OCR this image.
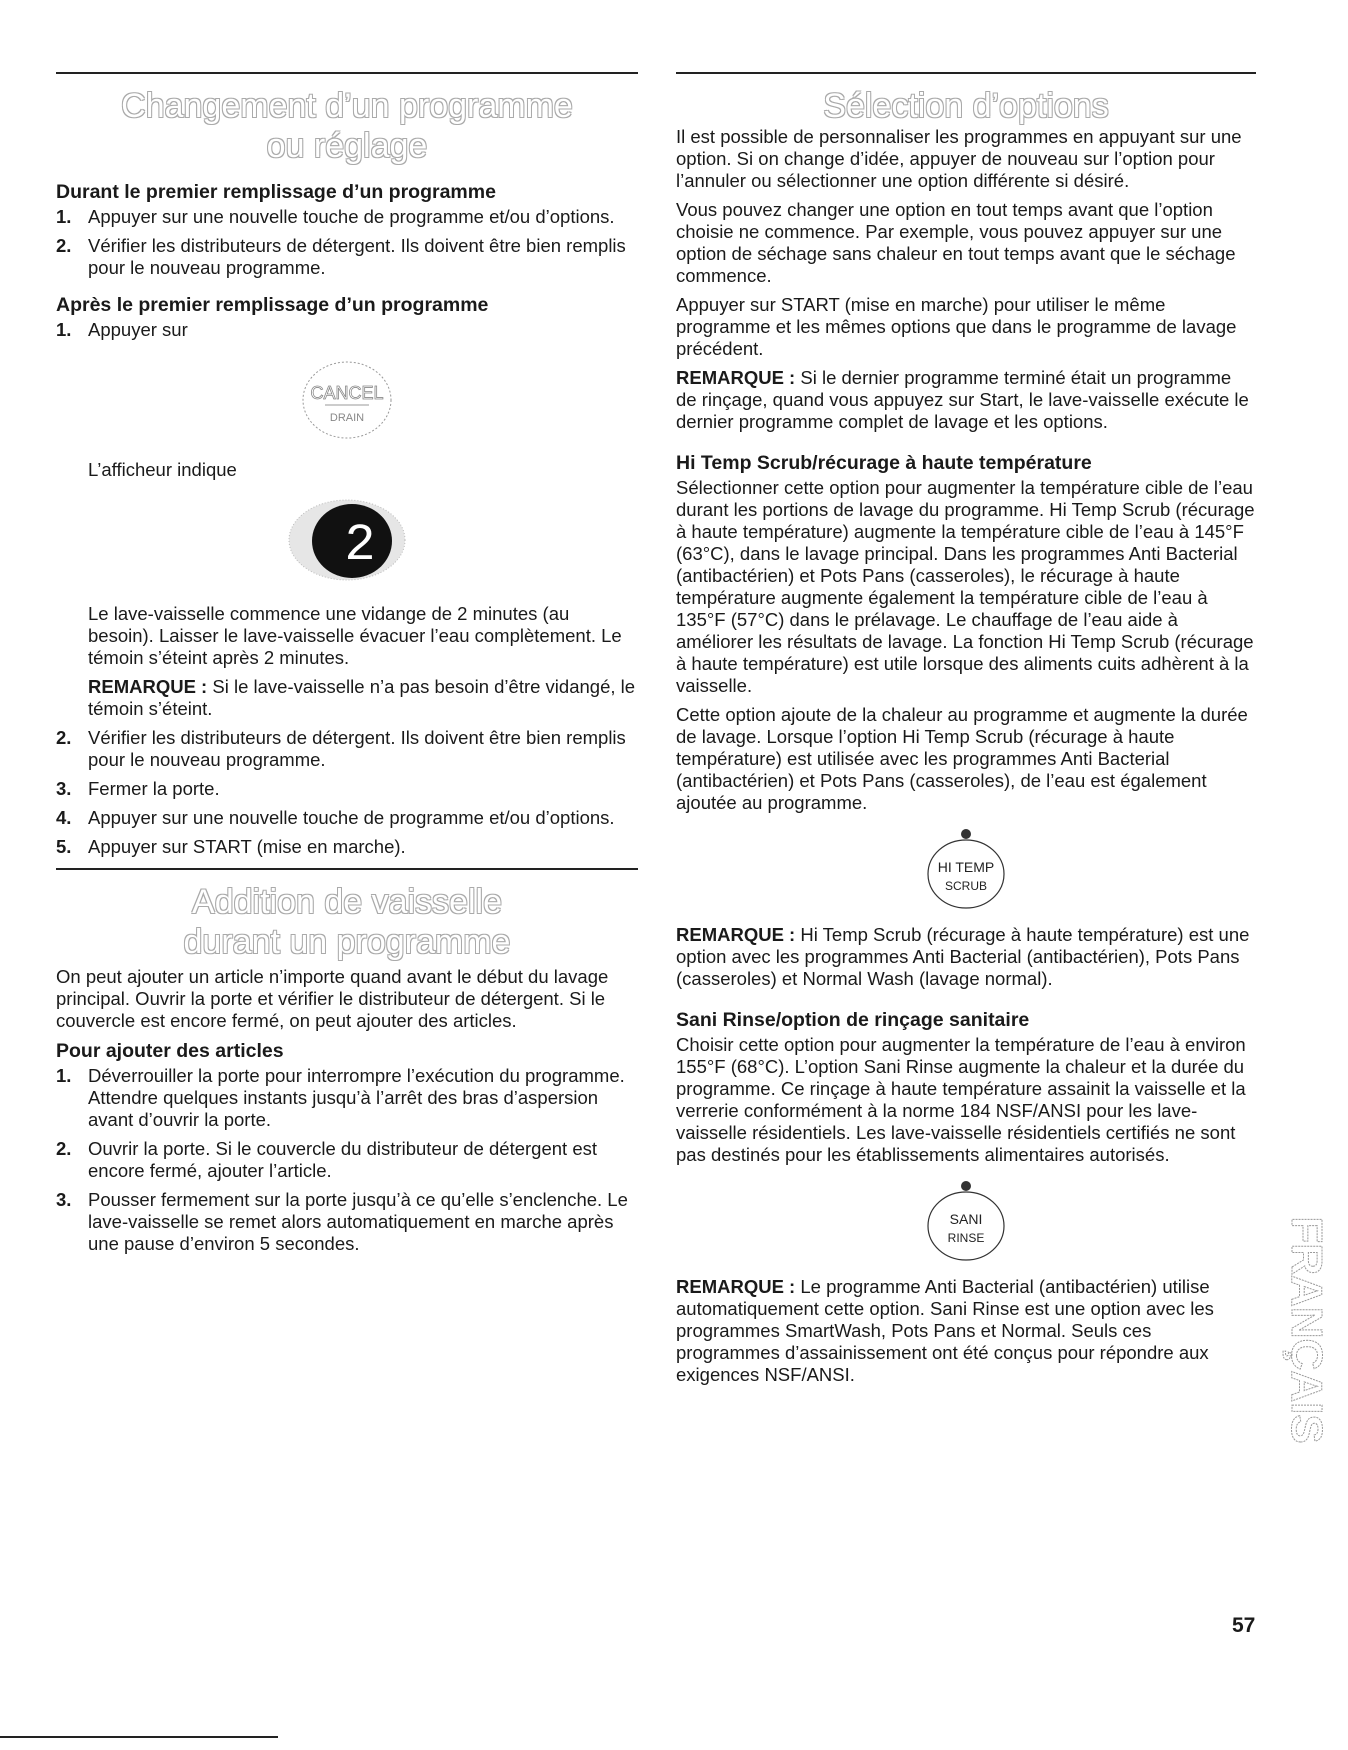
Changement d’un programme
ou réglage
Durant le premier remplissage d’un programme
1. Appuyer sur une nouvelle touche de programme et/ou d’options.
2. Vérifier les distributeurs de détergent. Ils doivent être bien remplis pour le nouveau programme.
Après le premier remplissage d’un programme
1. Appuyer sur
CANCEL
DRAIN

L’afficheur indique

2

Le lave-vaisselle commence une vidange de 2 minutes (au besoin). Laisser le lave-vaisselle évacuer l’eau complètement. Le témoin s’éteint après 2 minutes.

REMARQUE : Si le lave-vaisselle n’a pas besoin d’être vidangé, le témoin s’éteint.

2. Vérifier les distributeurs de détergent. Ils doivent être bien remplis pour le nouveau programme.
3. Fermer la porte.
4. Appuyer sur une nouvelle touche de programme et/ou d’options.
5. Appuyer sur START (mise en marche).
Addition de vaisselle
durant un programme

On peut ajouter un article n’importe quand avant le début du lavage principal. Ouvrir la porte et vérifier le distributeur de détergent. Si le couvercle est encore fermé, on peut ajouter des articles.

Pour ajouter des articles
1. Déverrouiller la porte pour interrompre l’exécution du programme. Attendre quelques instants jusqu’à l’arrêt des bras d’aspersion avant d’ouvrir la porte.
2. Ouvrir la porte. Si le couvercle du distributeur de détergent est encore fermé, ajouter l’article.
3. Pousser fermement sur la porte jusqu’à ce qu’elle s’enclenche. Le lave-vaisselle se remet alors automatiquement en marche après une pause d’environ 5 secondes.
Sélection d’options

Il est possible de personnaliser les programmes en appuyant sur une option. Si on change d’idée, appuyer de nouveau sur l’option pour l’annuler ou sélectionner une option différente si désiré.

Vous pouvez changer une option en tout temps avant que l’option choisie ne commence. Par exemple, vous pouvez appuyer sur une option de séchage sans chaleur en tout temps avant que le séchage commence.

Appuyer sur START (mise en marche) pour utiliser le même programme et les mêmes options que dans le programme de lavage précédent.

REMARQUE : Si le dernier programme terminé était un programme de rinçage, quand vous appuyez sur Start, le lave-vaisselle exécute le dernier programme complet de lavage et les options.

Hi Temp Scrub/récurage à haute température

Sélectionner cette option pour augmenter la température cible de l’eau durant les portions de lavage du programme. Hi Temp Scrub (récurage à haute température) augmente la température cible de l’eau à 145°F (63°C), dans le lavage principal. Dans les programmes Anti Bacterial (antibactérien) et Pots Pans (casseroles), le récurage à haute température augmente également la température cible de l’eau à 135°F (57°C) dans le prélavage. Le chauffage de l’eau aide à améliorer les résultats de lavage. La fonction Hi Temp Scrub (récurage à haute température) est utile lorsque des aliments cuits adhèrent à la vaisselle.

Cette option ajoute de la chaleur au programme et augmente la durée de lavage. Lorsque l’option Hi Temp Scrub (récurage à haute température) est utilisée avec les programmes Anti Bacterial (antibactérien) et Pots Pans (casseroles), de l’eau est également ajoutée au programme.

HI TEMP
SCRUB

REMARQUE : Hi Temp Scrub (récurage à haute température) est une option avec les programmes Anti Bacterial (antibactérien), Pots Pans (casseroles) et Normal Wash (lavage normal).

Sani Rinse/option de rinçage sanitaire

Choisir cette option pour augmenter la température de l’eau à environ 155°F (68°C). L’option Sani Rinse augmente la chaleur et la durée du programme. Ce rinçage à haute température assainit la vaisselle et la verrerie conformément à la norme 184 NSF/ANSI pour les lave-vaisselle résidentiels. Les lave-vaisselle résidentiels certifiés ne sont pas destinés pour les établissements alimentaires autorisés.

SANI
RINSE

REMARQUE : Le programme Anti Bacterial (antibactérien) utilise automatiquement cette option. Sani Rinse est une option avec les programmes SmartWash, Pots Pans et Normal. Seuls ces programmes d’assainissement ont été conçus pour répondre aux exigences NSF/ANSI.	FRANÇAIS
57
